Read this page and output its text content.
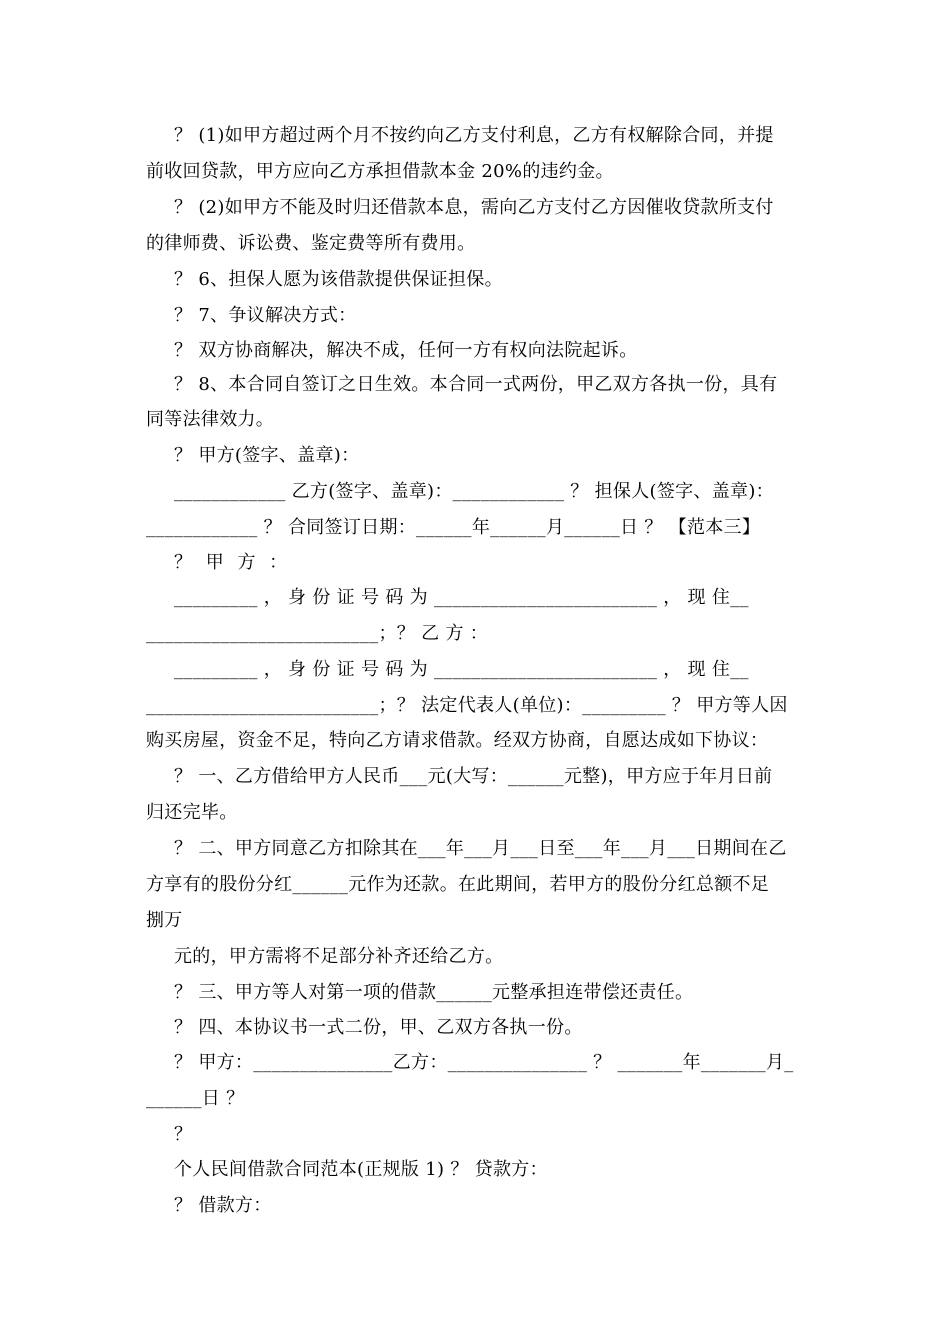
？ (1)如甲方超过两个月不按约向乙方支付利息，乙方有权解除合同，并提

前收回贷款，甲方应向乙方承担借款本金 20%的违约金。

？ (2)如甲方不能及时归还借款本息，需向乙方支付乙方因催收贷款所支付

的律师费、诉讼费、鉴定费等所有费用。

？ 6、担保人愿为该借款提供保证担保。

？ 7、争议解决方式：

？ 双方协商解决，解决不成，任何一方有权向法院起诉。

？ 8、本合同自签订之日生效。本合同一式两份，甲乙双方各执一份，具有

同等法律效力。

？ 甲方(签字、盖章)：

____________ 乙方(签字、盖章)：____________ ？ 担保人(签字、盖章)：

____________ ？ 合同签订日期：______年______月______日 ？ 【范本三】

？ 甲 方 ：

_________ ， 身 份 证 号 码 为 ________________________ ， 现 住__

_________________________；？ 乙 方 ：

_________ ， 身 份 证 号 码 为 ________________________ ， 现 住__

_________________________；？ 法定代表人(单位)：_________ ？ 甲方等人因

购买房屋，资金不足，特向乙方请求借款。经双方协商，自愿达成如下协议：

？ 一、乙方借给甲方人民币___元(大写：______元整)，甲方应于年月日前

归还完毕。

？ 二、甲方同意乙方扣除其在___年___月___日至___年___月___日期间在乙

方享有的股份分红______元作为还款。在此期间，若甲方的股份分红总额不足

捌万

元的，甲方需将不足部分补齐还给乙方。

？ 三、甲方等人对第一项的借款______元整承担连带偿还责任。

？ 四、本协议书一式二份，甲、乙双方各执一份。

？ 甲方：_______________乙方：_______________ ？ _______年_______月_

______日 ？

？

个人民间借款合同范本(正规版 1) ？ 贷款方：

？ 借款方：
